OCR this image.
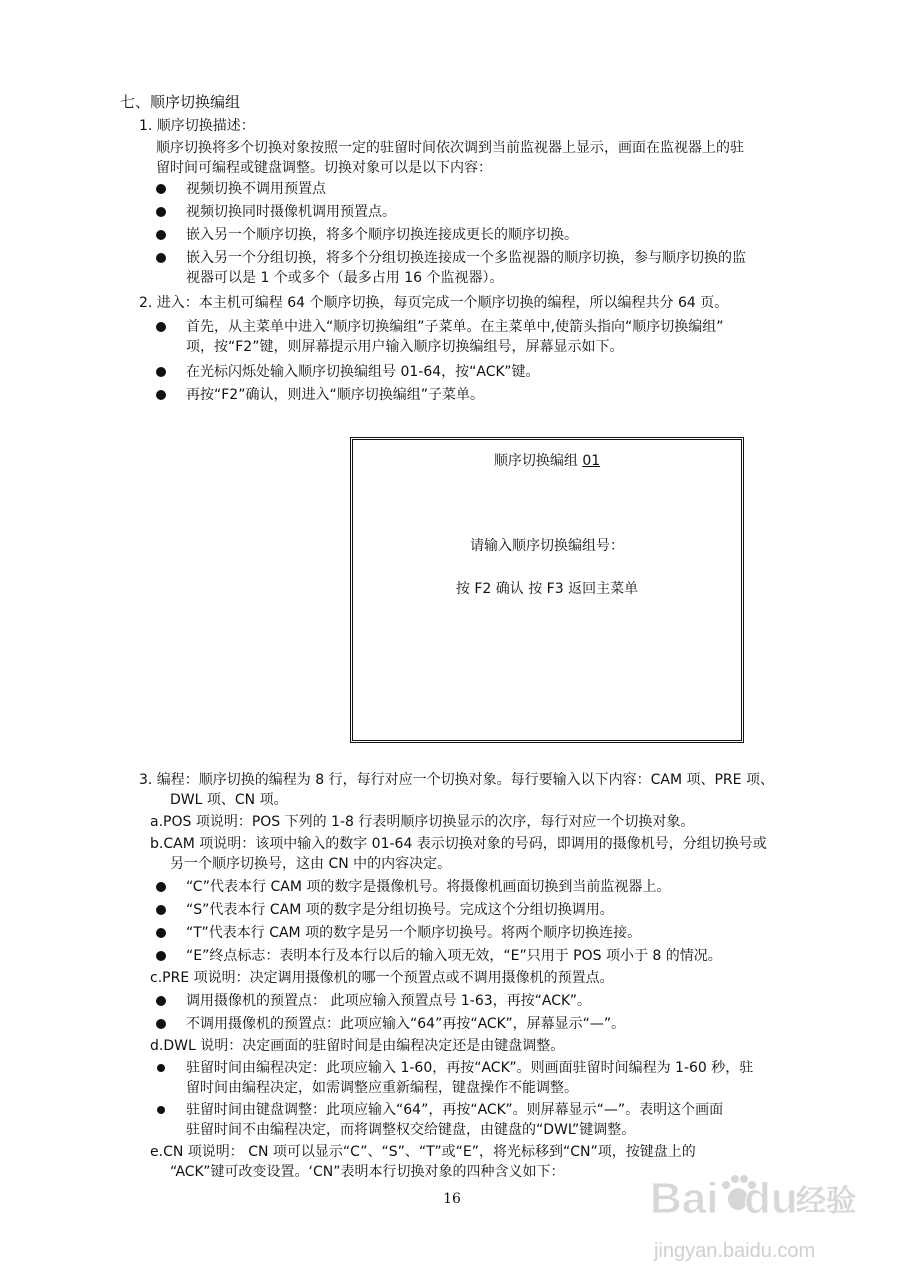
七、顺序切换编组
1. 顺序切换描述：
顺序切换将多个切换对象按照一定的驻留时间依次调到当前监视器上显示，画面在监视器上的驻
留时间可编程或键盘调整。切换对象可以是以下内容：
视频切换不调用预置点
视频切换同时摄像机调用预置点。
嵌入另一个顺序切换，将多个顺序切换连接成更长的顺序切换。
嵌入另一个分组切换，将多个分组切换连接成一个多监视器的顺序切换，参与顺序切换的监
视器可以是 1 个或多个（最多占用 16 个监视器）。
2. 进入：本主机可编程 64 个顺序切换，每页完成一个顺序切换的编程，所以编程共分 64 页。
首先，从主菜单中进入“顺序切换编组”子菜单。在主菜单中,使箭头指向“顺序切换编组”
项，按“F2”键，则屏幕提示用户输入顺序切换编组号，屏幕显示如下。
在光标闪烁处输入顺序切换编组号 01-64，按“ACK”键。
再按“F2”确认，则进入“顺序切换编组”子菜单。
顺序切换编组 01
请输入顺序切换编组号：
按 F2 确认 按 F3 返回主菜单
3. 编程：顺序切换的编程为 8 行，每行对应一个切换对象。每行要输入以下内容：CAM 项、PRE 项、
DWL 项、CN 项。
a.POS 项说明：POS 下列的 1-8 行表明顺序切换显示的次序，每行对应一个切换对象。
b.CAM 项说明：该项中输入的数字 01-64 表示切换对象的号码，即调用的摄像机号，分组切换号或
另一个顺序切换号，这由 CN 中的内容决定。
“C”代表本行 CAM 项的数字是摄像机号。将摄像机画面切换到当前监视器上。
“S”代表本行 CAM 项的数字是分组切换号。完成这个分组切换调用。
“T”代表本行 CAM 项的数字是另一个顺序切换号。将两个顺序切换连接。
“E”终点标志：表明本行及本行以后的输入项无效，“E”只用于 POS 项小于 8 的情况。
c.PRE 项说明：决定调用摄像机的哪一个预置点或不调用摄像机的预置点。
调用摄像机的预置点： 此项应输入预置点号 1-63，再按“ACK”。
不调用摄像机的预置点：此项应输入“64”再按“ACK”，屏幕显示“—”。
d.DWL 说明：决定画面的驻留时间是由编程决定还是由键盘调整。
驻留时间由编程决定：此项应输入 1-60，再按“ACK”。则画面驻留时间编程为 1-60 秒，驻
留时间由编程决定，如需调整应重新编程，键盘操作不能调整。
驻留时间由键盘调整：此项应输入“64”，再按“ACK”。则屏幕显示“—”。表明这个画面
驻留时间不由编程决定，而将调整权交给键盘，由键盘的“DWL”键调整。
e.CN 项说明： CN 项可以显示“C”、“S”、“T”或“E”，将光标移到“CN”项，按键盘上的
“ACK”键可改变设置。‘CN”表明本行切换对象的四种含义如下：
16	Bai du
经验
jingyan.baidu.com
